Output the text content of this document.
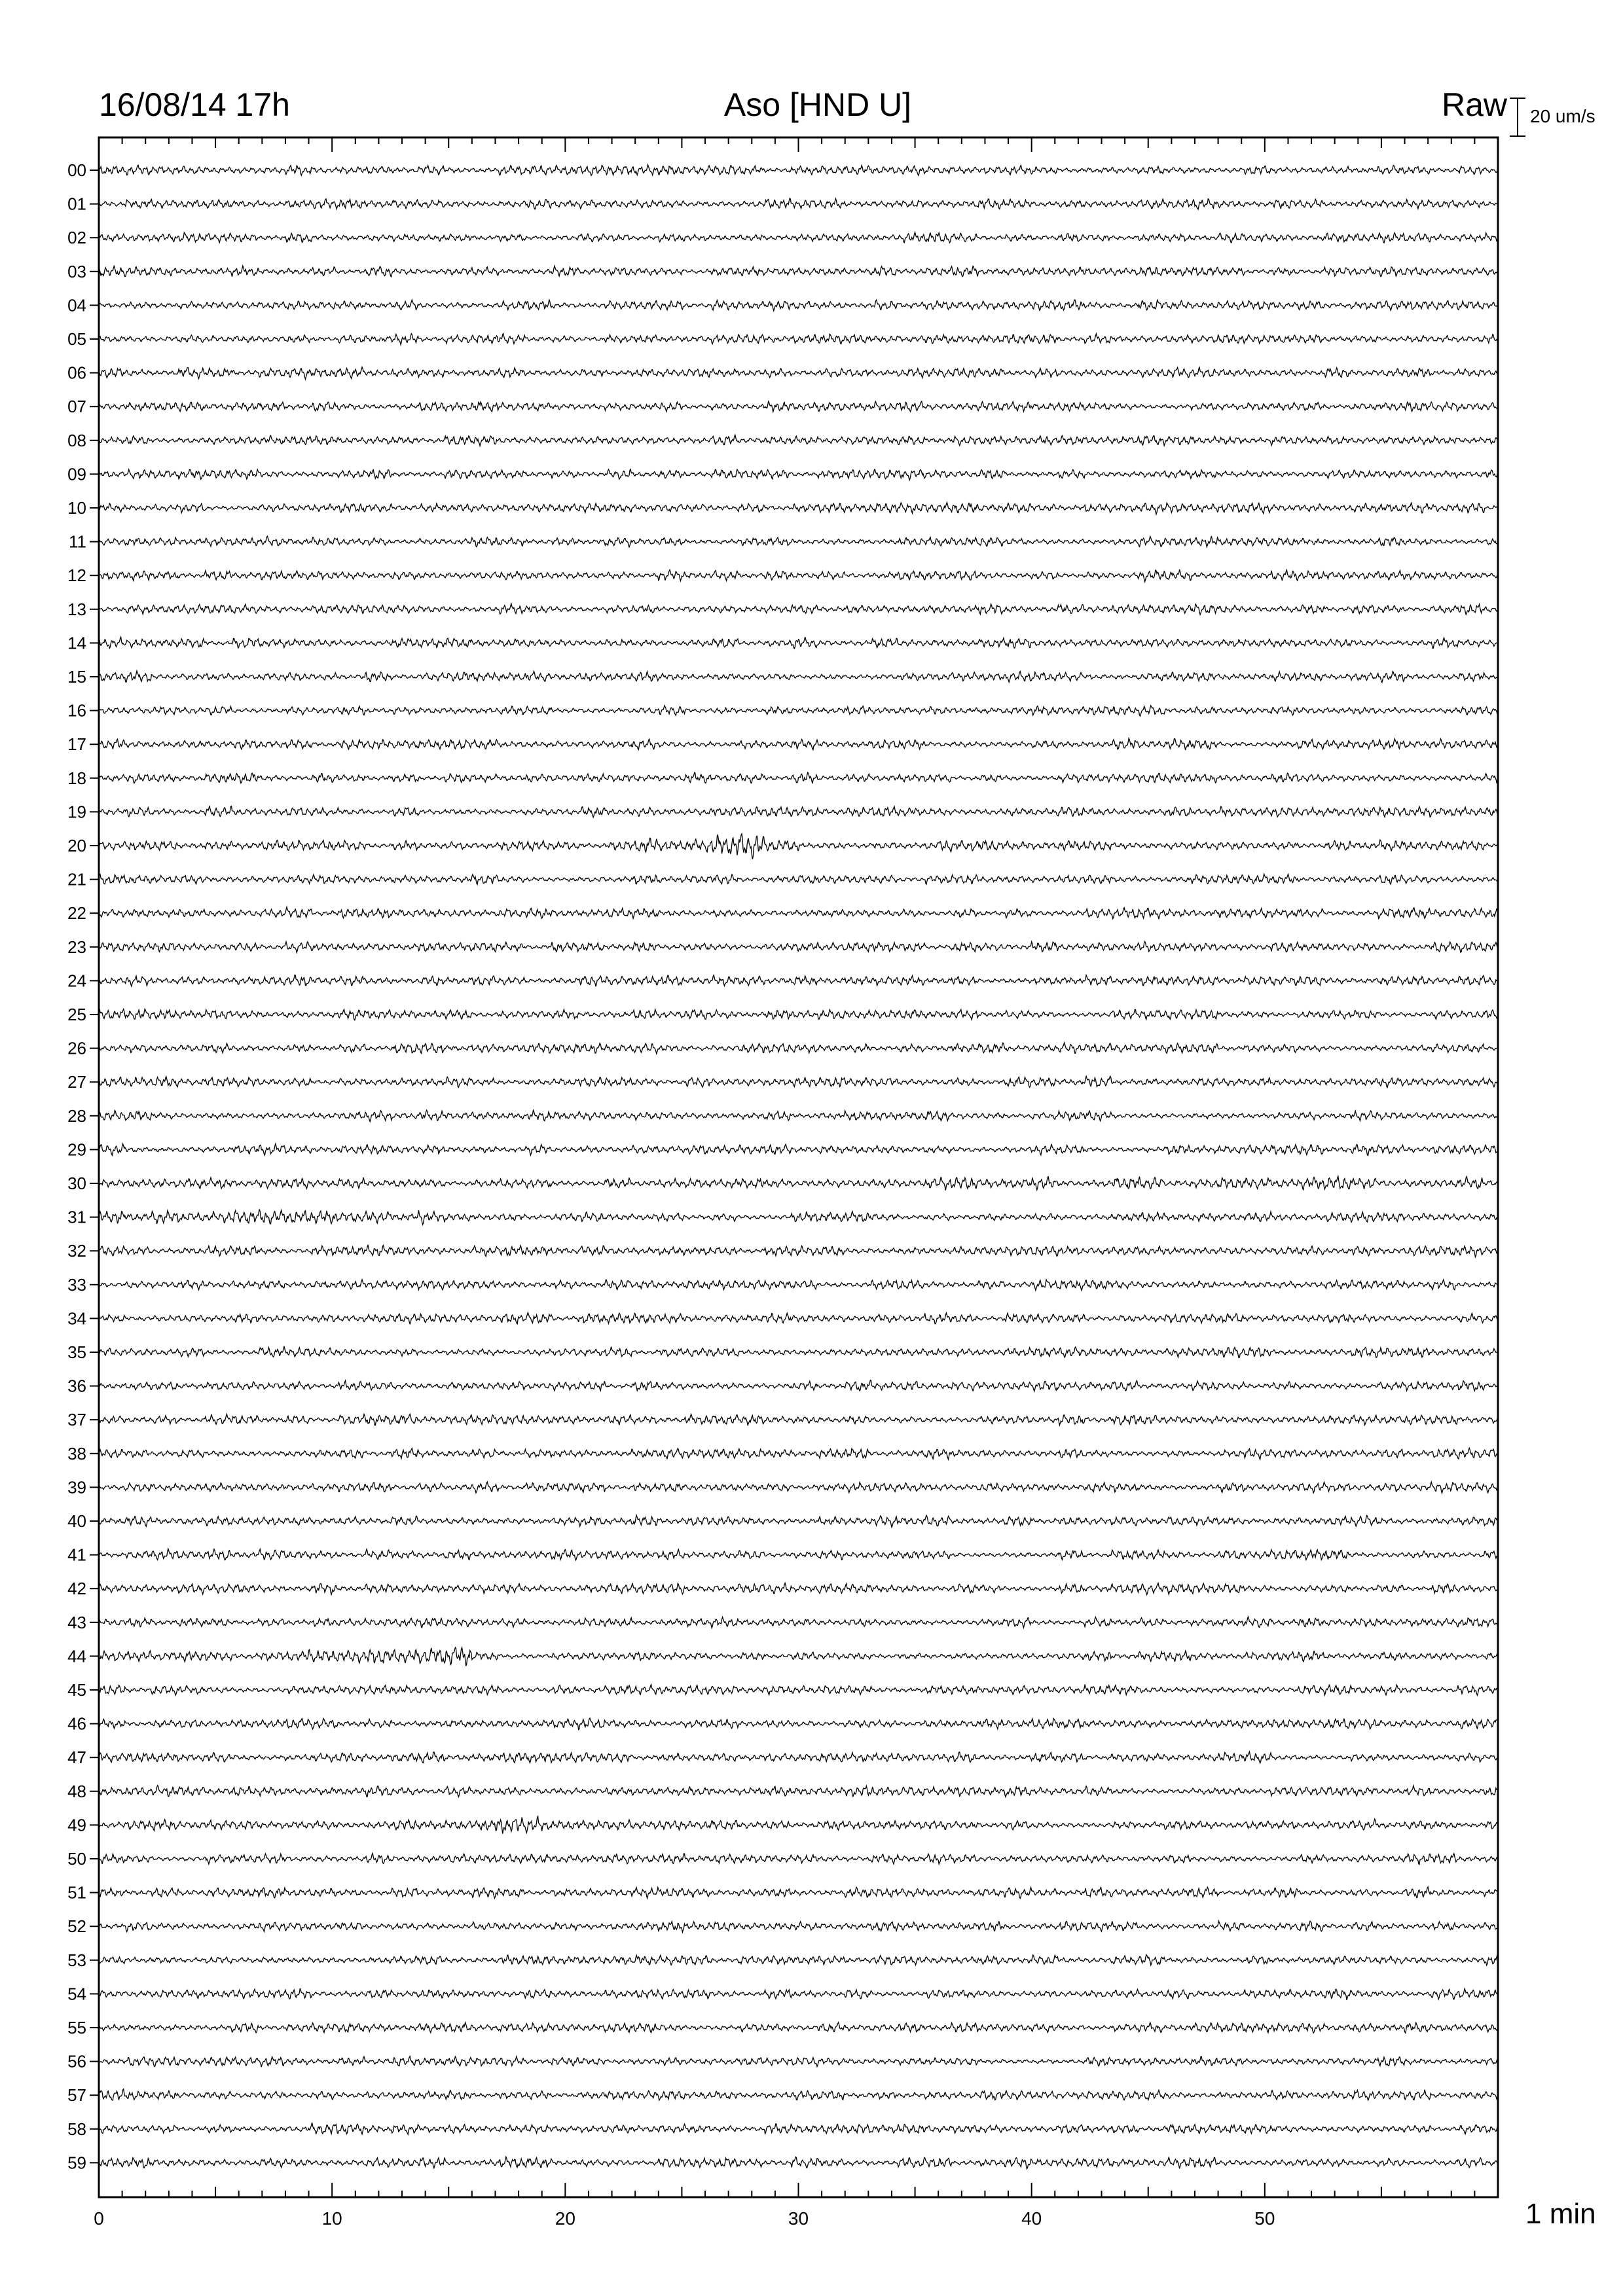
16/08/14 17h	Aso [HND U]	Raw 20 um/s
1 min
00
01
02
03
04
05
06
07
08
09
10
11
12
13
14
15
16
17
18
19
20
21
22
23
24
25
26
27
28
29
30
31
32
33
34
35
36
37
38
39
40
41
42
43
44
45
46
47
48
49
50
51
52
53
54
55
56
57
58
59
0	10	20	30	40	50
